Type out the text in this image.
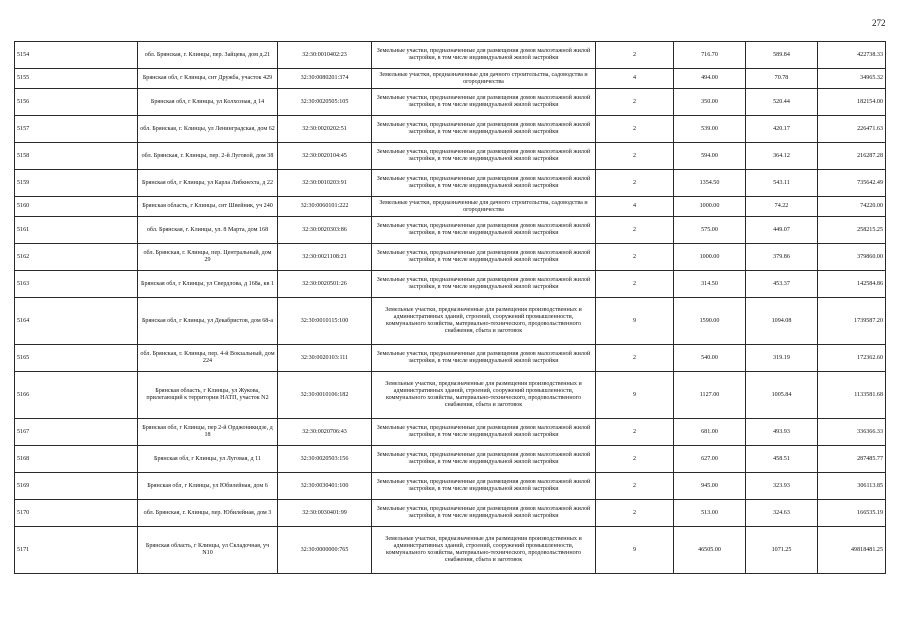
272
5154	обл. Брянская, г. Клинцы, пер. Зайцева, дом д.21	32:30:0010402:23	Земельные участки, предназначенные для размещения домов малоэтажной жилой застройки, в том числе индивидуальной жилой застройки	2	716.70	589.84	422738.33
5155	Брянская обл, г Клинцы, снт Дружба, участок 429	32:30:0080201:374	Земельные участки, предназначенные для дачного строительства, садоводства и огородничества	4	494.00	70.78	34965.32
5156	Брянская обл, г Клинцы, ул Колхозная, д 14	32:30:0020505:105	Земельные участки, предназначенные для размещения домов малоэтажной жилой застройки, в том числе индивидуальной жилой застройки	2	350.00	520.44	182154.00
5157	обл. Брянская, г. Клинцы, ул Ленинградская, дом 62	32:30:0020202:51	Земельные участки, предназначенные для размещения домов малоэтажной жилой застройки, в том числе индивидуальной жилой застройки	2	539.00	420.17	226471.63
5158	обл. Брянская, г. Клинцы, пер. 2-й Луговой, дом 38	32:30:0020104:45	Земельные участки, предназначенные для размещения домов малоэтажной жилой застройки, в том числе индивидуальной жилой застройки	2	594.00	364.12	216287.28
5159	Брянская обл, г Клинцы, ул Карла Либкнехта, д 22	32:30:0010203:91	Земельные участки, предназначенные для размещения домов малоэтажной жилой застройки, в том числе индивидуальной жилой застройки	2	1354.50	543.11	735642.49
5160	Брянская область, г Клинцы, снт Швейник, уч 240	32:30:0060101:222	Земельные участки, предназначенные для дачного строительства, садоводства и огородничества	4	1000.00	74.22	74220.00
5161	обл. Брянская, г. Клинцы, ул. 8 Марта, дом 168	32:30:0020303:86	Земельные участки, предназначенные для размещения домов малоэтажной жилой застройки, в том числе индивидуальной жилой застройки	2	575.00	449.07	258215.25
5162	обл. Брянская, г. Клинцы, пер. Центральный, дом 29	32:30:0021108:21	Земельные участки, предназначенные для размещения домов малоэтажной жилой застройки, в том числе индивидуальной жилой застройки	2	1000.00	379.86	379860.00
5163	Брянская обл, г Клинцы, ул Свердлова, д 168а, кв 1	32:30:0020501:26	Земельные участки, предназначенные для размещения домов малоэтажной жилой застройки, в том числе индивидуальной жилой застройки	2	314.50	453.37	142584.86
5164	Брянская обл, г Клинцы, ул Декабристов, дом 68-а	32:30:0010115:100	Земельные участки, предназначенные для размещения производственных и административных зданий, строений, сооружений промышленности, коммунального хозяйства, материально-технического, продовольственного снабжения, сбыта и заготовок	9	1590.00	1094.08	1739587.20
5165	обл. Брянская, г. Клинцы, пер. 4-й Вокзальный, дом 224	32:30:0020103:111	Земельные участки, предназначенные для размещения домов малоэтажной жилой застройки, в том числе индивидуальной жилой застройки	2	540.00	319.19	172362.60
5166	Брянская область, г Клинцы, ул Жукова, прилегающий к территории НАТП, участок N2	32:30:0010106:182	Земельные участки, предназначенные для размещения производственных и административных зданий, строений, сооружений промышленности, коммунального хозяйства, материально-технического, продовольственного снабжения, сбыта и заготовок	9	1127.00	1005.84	1133581.68
5167	Брянская обл, г Клинцы, пер 2-й Орджоникидзе, д 18	32:30:0020706:43	Земельные участки, предназначенные для размещения домов малоэтажной жилой застройки, в том числе индивидуальной жилой застройки	2	681.00	493.93	336366.33
5168	Брянская обл, г Клинцы, ул Луговая, д 11	32:30:0020503:156	Земельные участки, предназначенные для размещения домов малоэтажной жилой застройки, в том числе индивидуальной жилой застройки	2	627.00	458.51	287485.77
5169	Брянская обл, г Клинцы, ул Юбилейная, дом 6	32:30:0030401:100	Земельные участки, предназначенные для размещения домов малоэтажной жилой застройки, в том числе индивидуальной жилой застройки	2	945.00	323.93	306113.85
5170	обл. Брянская, г. Клинцы, пер. Юбилейная, дом 3	32:30:0030401:99	Земельные участки, предназначенные для размещения домов малоэтажной жилой застройки, в том числе индивидуальной жилой застройки	2	513.00	324.63	166535.19
5171	Брянская область, г Клинцы, ул Складочная, уч N10	32:30:0000000:765	Земельные участки, предназначенные для размещения производственных и административных зданий, строений, сооружений промышленности, коммунального хозяйства, материально-технического, продовольственного снабжения, сбыта и заготовок	9	46505.00	1071.25	49818481.25
